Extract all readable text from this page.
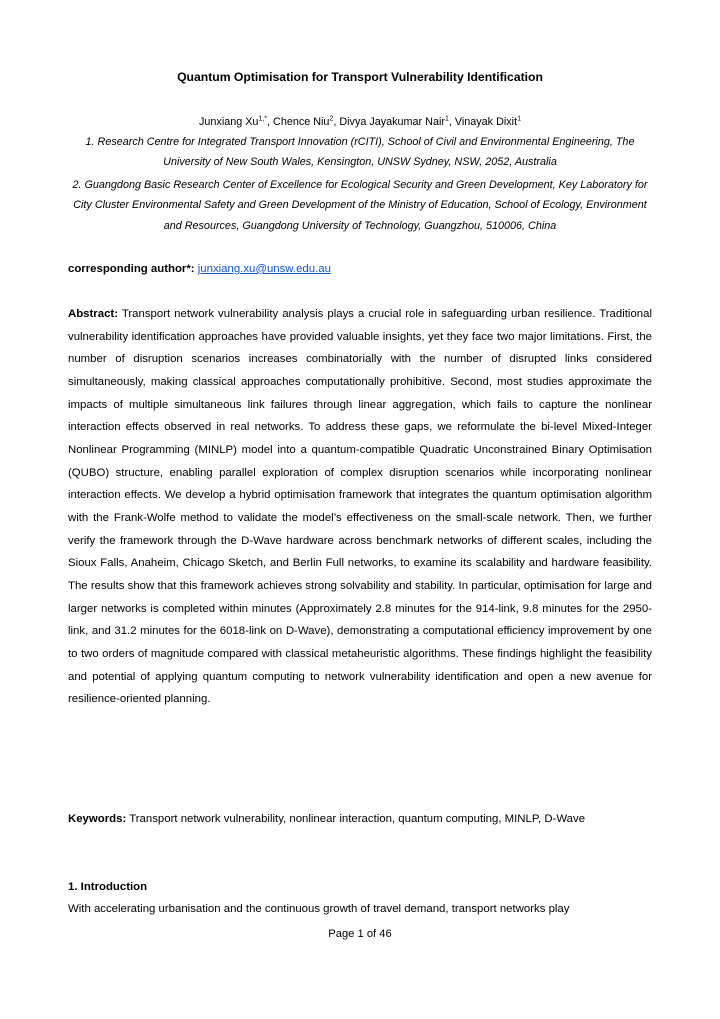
Quantum Optimisation for Transport Vulnerability Identification

Junxiang $Xu^{1,*}$, Chence Niu$^2$, Divya Jayakumar Nair$^1$, Vinayak Dixit$^1$

1. Research Centre for Integrated Transport Innovation (rCITI), School of Civil and Environmental Engineering, The University of New South Wales, Kensington, UNSW Sydney, NSW, 2052, Australia

2. Guangdong Basic Research Center of Excellence for Ecological Security and Green Development, Key Laboratory for City Cluster Environmental Safety and Green Development of the Ministry of Education, School of Ecology, Environment and Resources, Guangdong University of Technology, Guangzhou, 510006, China

corresponding author*: junxiang.xu@unsw.edu.au

Abstract: Transport network vulnerability analysis plays a crucial role in safeguarding urban resilience. Traditional vulnerability identification approaches have provided valuable insights, yet they face two major limitations. First, the number of disruption scenarios increases combinatorially with the number of disrupted links considered simultaneously, making classical approaches computationally prohibitive. Second, most studies approximate the impacts of multiple simultaneous link failures through linear aggregation, which fails to capture the nonlinear interaction effects observed in real networks. To address these gaps, we reformulate the bi-level Mixed-Integer Nonlinear Programming (MINLP) model into a quantum-compatible Quadratic Unconstrained Binary Optimisation (QUBO) structure, enabling parallel exploration of complex disruption scenarios while incorporating nonlinear interaction effects. We develop a hybrid optimisation framework that integrates the quantum optimisation algorithm with the Frank-Wolfe method to validate the model’s effectiveness on the small-scale network. Then, we further verify the framework through the D-Wave hardware across benchmark networks of different scales, including the Sioux Falls, Anaheim, Chicago Sketch, and Berlin Full networks, to examine its scalability and hardware feasibility. The results show that this framework achieves strong solvability and stability. In particular, optimisation for large and larger networks is completed within minutes (Approximately 2.8 minutes for the 914-link, 9.8 minutes for the 2950-link, and 31.2 minutes for the 6018-link on D-Wave), demonstrating a computational efficiency improvement by one to two orders of magnitude compared with classical metaheuristic algorithms. These findings highlight the feasibility and potential of applying quantum computing to network vulnerability identification and open a new avenue for resilience-oriented planning.

Keywords: Transport network vulnerability, nonlinear interaction, quantum computing, MINLP, D-Wave

1. Introduction

With accelerating urbanisation and the continuous growth of travel demand, transport networks play

Page 1 of 46
